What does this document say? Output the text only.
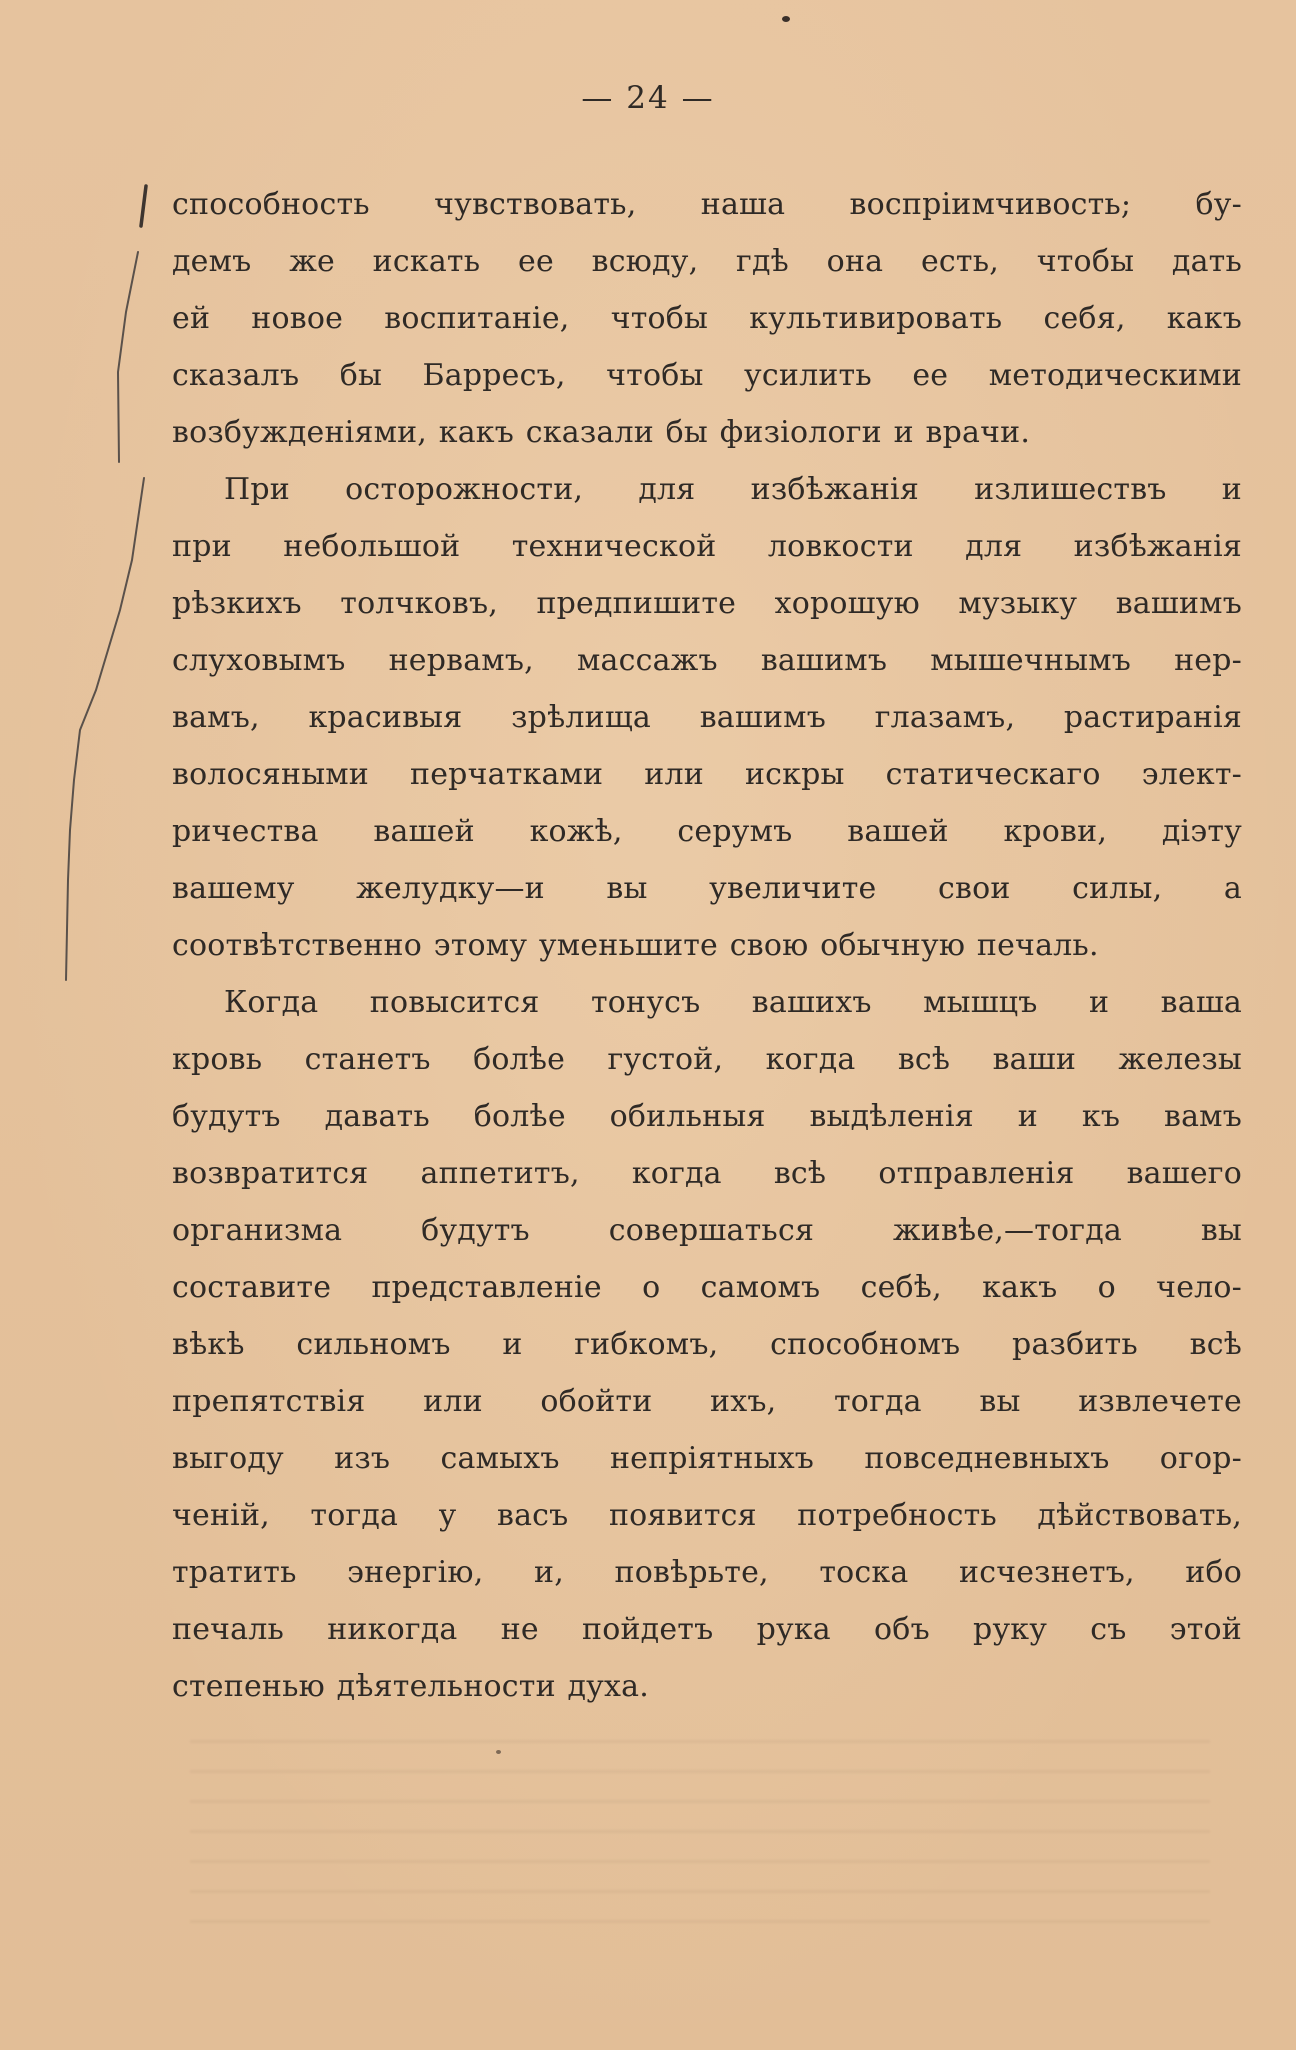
— 24 —
способность чувствовать, наша воспріимчивость; бу-
демъ же искать ее всюду, гдѣ она есть, чтобы дать
ей новое воспитаніе, чтобы культивировать себя, какъ
сказалъ бы Барресъ, чтобы усилить ее методическими
возбужденіями, какъ сказали бы физіологи и врачи.
При осторожности, для избѣжанія излишествъ и
при небольшой технической ловкости для избѣжанія
рѣзкихъ толчковъ, предпишите хорошую музыку вашимъ
слуховымъ нервамъ, массажъ вашимъ мышечнымъ нер-
вамъ, красивыя зрѣлища вашимъ глазамъ, растиранія
волосяными перчатками или искры статическаго элект-
ричества вашей кожѣ, серумъ вашей крови, діэту
вашему желудку—и вы увеличите свои силы, а
соотвѣтственно этому уменьшите свою обычную печаль.
Когда повысится тонусъ вашихъ мышцъ и ваша
кровь станетъ болѣе густой, когда всѣ ваши железы
будутъ давать болѣе обильныя выдѣленія и къ вамъ
возвратится аппетитъ, когда всѣ отправленія вашего
организма будутъ совершаться живѣе,—тогда вы
составите представленіе о самомъ себѣ, какъ о чело-
вѣкѣ сильномъ и гибкомъ, способномъ разбить всѣ
препятствія или обойти ихъ, тогда вы извлечете
выгоду изъ самыхъ непріятныхъ повседневныхъ огор-
ченій, тогда у васъ появится потребность дѣйствовать,
тратить энергію, и, повѣрьте, тоска исчезнетъ, ибо
печаль никогда не пойдетъ рука объ руку съ этой
степенью дѣятельности духа.
